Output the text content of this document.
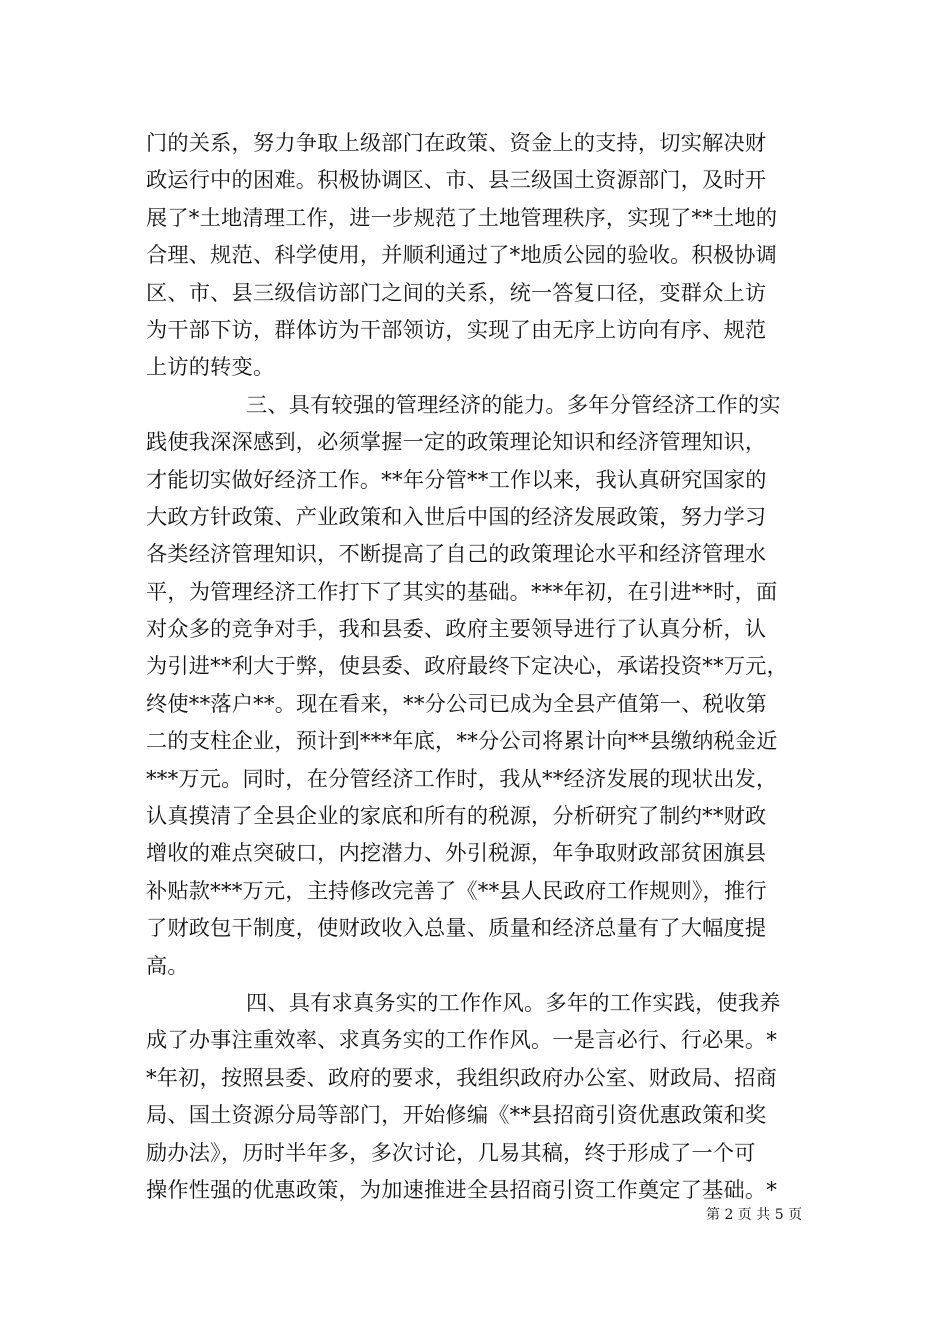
门的关系，努力争取上级部门在政策、资金上的支持，切实解决财
政运行中的困难。积极协调区、市、县三级国土资源部门，及时开
展了*土地清理工作，进一步规范了土地管理秩序，实现了**土地的
合理、规范、科学使用，并顺利通过了*地质公园的验收。积极协调
区、市、县三级信访部门之间的关系，统一答复口径，变群众上访
为干部下访，群体访为干部领访，实现了由无序上访向有序、规范
上访的转变。
三、具有较强的管理经济的能力。多年分管经济工作的实
践使我深深感到，必须掌握一定的政策理论知识和经济管理知识，
才能切实做好经济工作。**年分管**工作以来，我认真研究国家的
大政方针政策、产业政策和入世后中国的经济发展政策，努力学习
各类经济管理知识，不断提高了自己的政策理论水平和经济管理水
平，为管理经济工作打下了其实的基础。***年初，在引进**时，面
对众多的竞争对手，我和县委、政府主要领导进行了认真分析，认
为引进**利大于弊，使县委、政府最终下定决心，承诺投资**万元，
终使**落户**。现在看来，**分公司已成为全县产值第一、税收第
二的支柱企业，预计到***年底，**分公司将累计向**县缴纳税金近
***万元。同时，在分管经济工作时，我从**经济发展的现状出发，
认真摸清了全县企业的家底和所有的税源，分析研究了制约**财政
增收的难点突破口，内挖潜力、外引税源，年争取财政部贫困旗县
补贴款***万元，主持修改完善了《**县人民政府工作规则》，推行
了财政包干制度，使财政收入总量、质量和经济总量有了大幅度提
高。
四、具有求真务实的工作作风。多年的工作实践，使我养
成了办事注重效率、求真务实的工作作风。一是言必行、行必果。*
*年初，按照县委、政府的要求，我组织政府办公室、财政局、招商
局、国土资源分局等部门，开始修编《**县招商引资优惠政策和奖
励办法》，历时半年多，多次讨论，几易其稿，终于形成了一个可
操作性强的优惠政策，为加速推进全县招商引资工作奠定了基础。*
第 2 页 共 5 页
